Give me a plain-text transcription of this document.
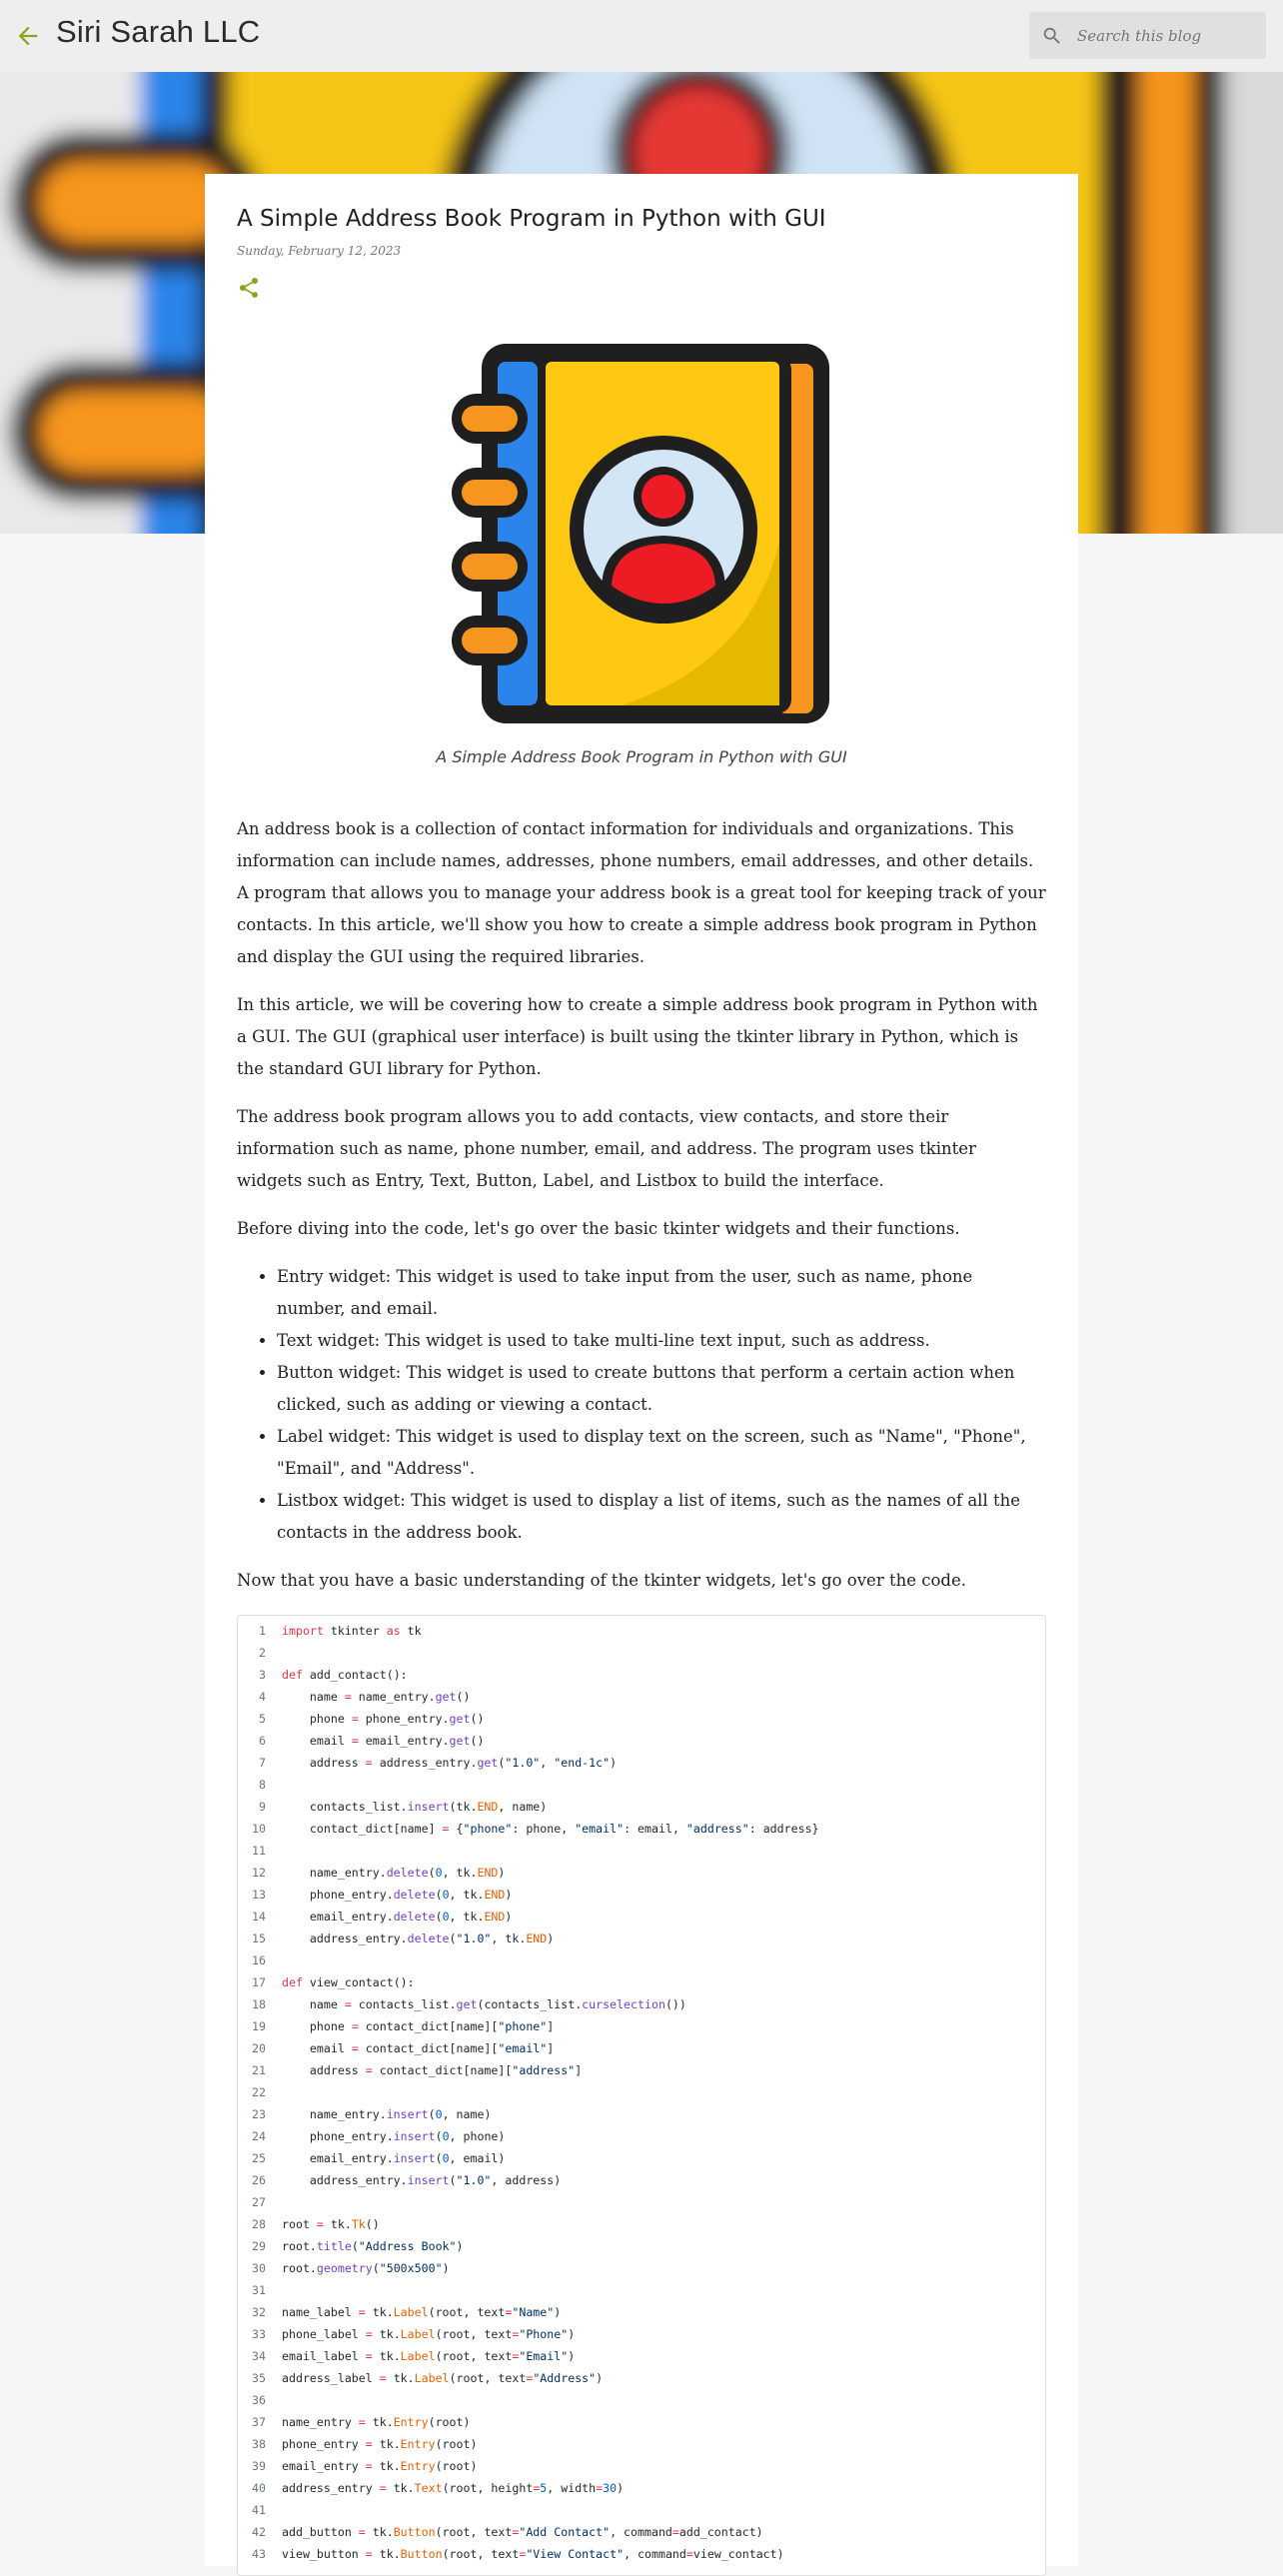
Siri Sarah LLC
Search this blog
A Simple Address Book Program in Python with GUI
Sunday, February 12, 2023
A Simple Address Book Program in Python with GUI

An address book is a collection of contact information for individuals and organizations. This information can include names, addresses, phone numbers, email addresses, and other details. A program that allows you to manage your address book is a great tool for keeping track of your contacts. In this article, we'll show you how to create a simple address book program in Python and display the GUI using the required libraries.

In this article, we will be covering how to create a simple address book program in Python with a GUI. The GUI (graphical user interface) is built using the tkinter library in Python, which is the standard GUI library for Python.

The address book program allows you to add contacts, view contacts, and store their information such as name, phone number, email, and address. The program uses tkinter widgets such as Entry, Text, Button, Label, and Listbox to build the interface.

Before diving into the code, let's go over the basic tkinter widgets and their functions.

• Entry widget: This widget is used to take input from the user, such as name, phone number, and email.
• Text widget: This widget is used to take multi-line text input, such as address.
• Button widget: This widget is used to create buttons that perform a certain action when clicked, such as adding or viewing a contact.
• Label widget: This widget is used to display text on the screen, such as "Name", "Phone", "Email", and "Address".
• Listbox widget: This widget is used to display a list of items, such as the names of all the contacts in the address book.

Now that you have a basic understanding of the tkinter widgets, let's go over the code.

1 import tkinter as tk
2
3 def add_contact():
4 name = name_entry.get()
5 phone = phone_entry.get()
6 email = email_entry.get()
7 address = address_entry.get("1.0", "end-1c")
8
9 contacts_list.insert(tk.END, name)
10 contact_dict[name] = {"phone": phone, "email": email, "address": address}
11
12 name_entry.delete(0, tk.END)
13 phone_entry.delete(0, tk.END)
14 email_entry.delete(0, tk.END)
15 address_entry.delete("1.0", tk.END)
16
17 def view_contact():
18 name = contacts_list.get(contacts_list.curselection())
19 phone = contact_dict[name]["phone"]
20 email = contact_dict[name]["email"]
21 address = contact_dict[name]["address"]
22
23 name_entry.insert(0, name)
24 phone_entry.insert(0, phone)
25 email_entry.insert(0, email)
26 address_entry.insert("1.0", address)
27
28 root = tk.Tk()
29 root.title("Address Book")
30 root.geometry("500x500")
31
32 name_label = tk.Label(root, text="Name")
33 phone_label = tk.Label(root, text="Phone")
34 email_label = tk.Label(root, text="Email")
35 address_label = tk.Label(root, text="Address")
36
37 name_entry = tk.Entry(root)
38 phone_entry = tk.Entry(root)
39 email_entry = tk.Entry(root)
40 address_entry = tk.Text(root, height=5, width=30)
41
42 add_button = tk.Button(root, text="Add Contact", command=add_contact)
43 view_button = tk.Button(root, text="View Contact", command=view_contact)
